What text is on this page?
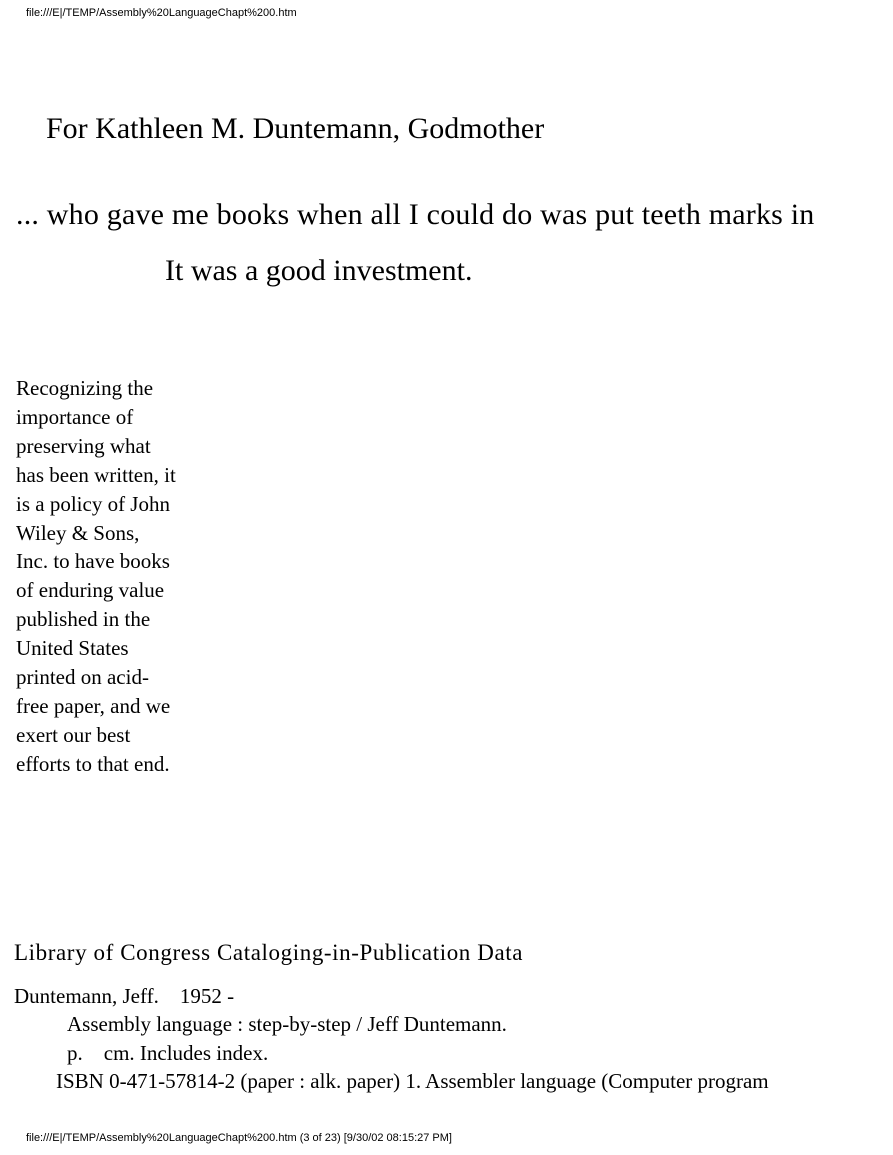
file:///E|/TEMP/Assembly%20LanguageChapt%200.htm
For Kathleen M. Duntemann, Godmother
... who gave me books when all I could do was put teeth marks in
It was a good investment.
Recognizing the
importance of
preserving what
has been written, it
is a policy of John
Wiley & Sons,
Inc. to have books
of enduring value
published in the
United States
printed on acid-
free paper, and we
exert our best
efforts to that end.
Library of Congress Cataloging-in-Publication Data
Duntemann, Jeff.    1952 -
Assembly language : step-by-step / Jeff Duntemann.
p.    cm. Includes index.
ISBN 0-471-57814-2 (paper : alk. paper) 1. Assembler language (Computer program
file:///E|/TEMP/Assembly%20LanguageChapt%200.htm (3 of 23) [9/30/02 08:15:27 PM]
